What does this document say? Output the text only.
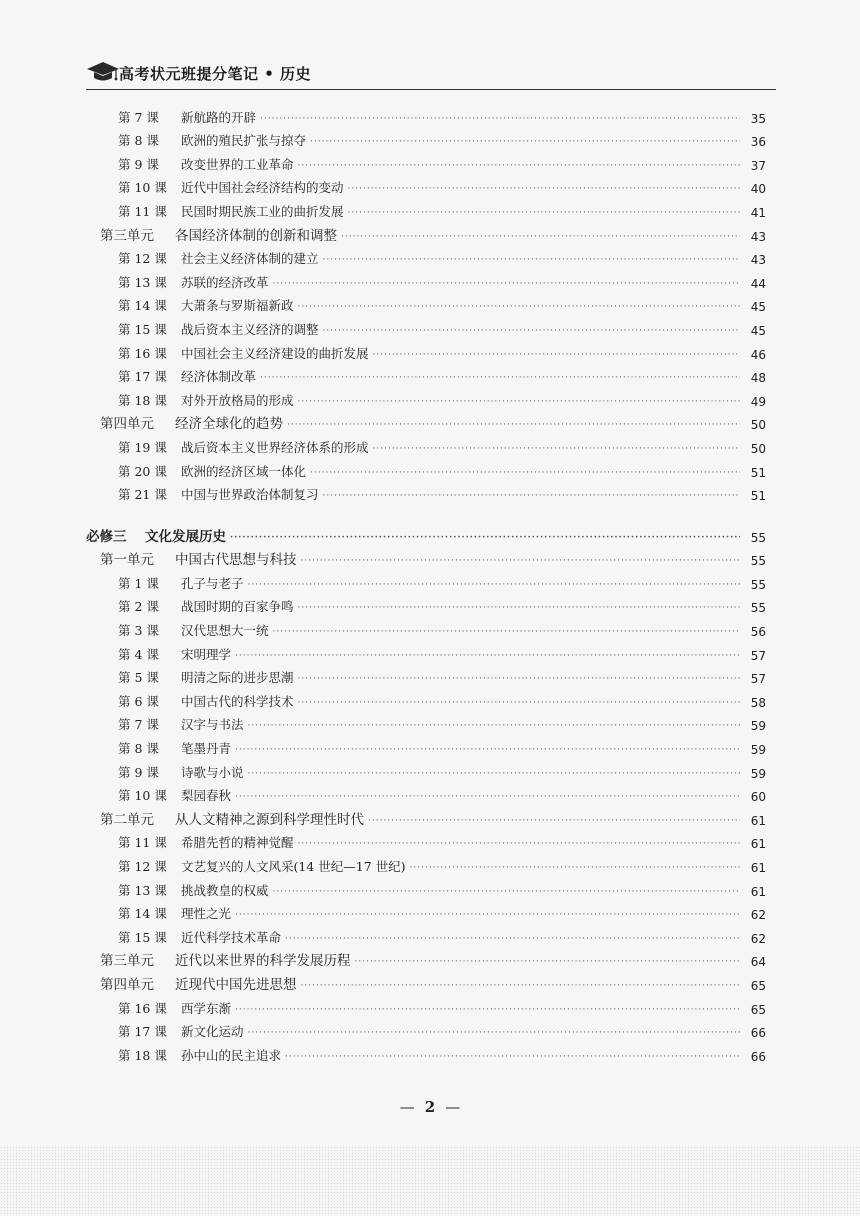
高考状元班提分笔记 • 历史
第 7 课	新航路的开辟 ·····	35
第 8 课	欧洲的殖民扩张与掠夺 ·····	36
第 9 课	改变世界的工业革命 ·····	37
第 10 课	近代中国社会经济结构的变动 ·····	40
第 11 课	民国时期民族工业的曲折发展 ·····	41
第三单元	各国经济体制的创新和调整 ·····	43
第 12 课	社会主义经济体制的建立 ·····	43
第 13 课	苏联的经济改革 ·····	44
第 14 课	大萧条与罗斯福新政 ·····	45
第 15 课	战后资本主义经济的调整 ·····	45
第 16 课	中国社会主义经济建设的曲折发展 ·····	46
第 17 课	经济体制改革 ·····	48
第 18 课	对外开放格局的形成 ·····	49
第四单元	经济全球化的趋势 ·····	50
第 19 课	战后资本主义世界经济体系的形成 ·····	50
第 20 课	欧洲的经济区域一体化 ·····	51
第 21 课	中国与世界政治体制复习 ·····	51
必修三	文化发展历史 ·····	55
第一单元	中国古代思想与科技 ·····	55
第 1 课	孔子与老子 ·····	55
第 2 课	战国时期的百家争鸣 ·····	55
第 3 课	汉代思想大一统 ·····	56
第 4 课	宋明理学 ·····	57
第 5 课	明清之际的进步思潮 ·····	57
第 6 课	中国古代的科学技术 ·····	58
第 7 课	汉字与书法 ·····	59
第 8 课	笔墨丹青 ·····	59
第 9 课	诗歌与小说 ·····	59
第 10 课	梨园春秋 ·····	60
第二单元	从人文精神之源到科学理性时代 ·····	61
第 11 课	希腊先哲的精神觉醒 ·····	61
第 12 课	文艺复兴的人文风采(14 世纪—17 世纪) ·····	61
第 13 课	挑战教皇的权威 ·····	61
第 14 课	理性之光 ·····	62
第 15 课	近代科学技术革命 ·····	62
第三单元	近代以来世界的科学发展历程 ·····	64
第四单元	近现代中国先进思想 ·····	65
第 16 课	西学东渐 ·····	65
第 17 课	新文化运动 ·····	66
第 18 课	孙中山的民主追求 ·····	66
— 2 —
